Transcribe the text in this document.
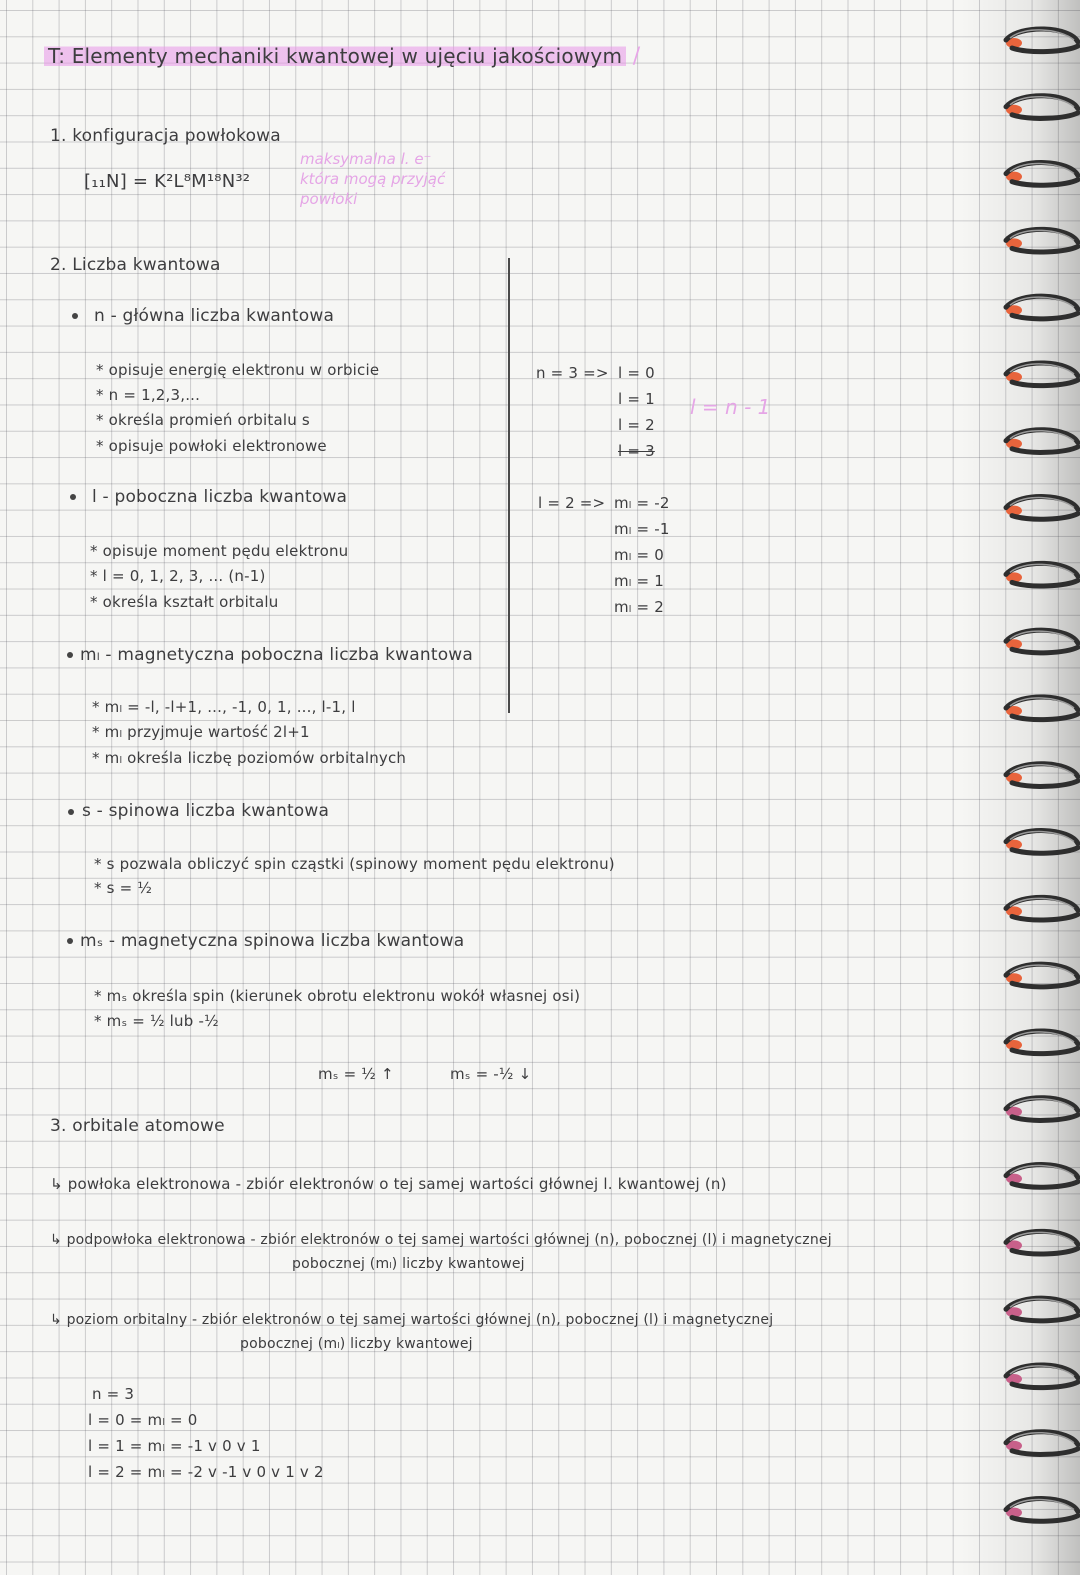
T: Elementy mechaniki kwantowej w ujęciu jakościowym /
1. konfiguracja powłokowa
[₁₁N] = K²L⁸M¹⁸N³²
maksymalna l. e⁻
która mogą przyjąć
powłoki
2. Liczba kwantowa
n - główna liczba kwantowa
* opisuje energię elektronu w orbicie
* n = 1,2,3,...
* określa promień orbitalu s
* opisuje powłoki elektronowe
l - poboczna liczba kwantowa
* opisuje moment pędu elektronu
* l = 0, 1, 2, 3, ... (n-1)
* określa kształt orbitalu
mₗ - magnetyczna poboczna liczba kwantowa
* mₗ = -l, -l+1, ..., -1, 0, 1, ..., l-1, l
* mₗ przyjmuje wartość 2l+1
* mₗ określa liczbę poziomów orbitalnych
s - spinowa liczba kwantowa
* s pozwala obliczyć spin cząstki (spinowy moment pędu elektronu)
* s = ½
mₛ - magnetyczna spinowa liczba kwantowa
* mₛ określa spin (kierunek obrotu elektronu wokół własnej osi)
* mₛ = ½ lub -½
mₛ = ½ ↑	mₛ = -½ ↓
n = 3 => l = 0
l = 1
l = 2
l = 3
l = n - 1
l = 2 => mₗ = -2
mₗ = -1
mₗ = 0
mₗ = 1
mₗ = 2
3. orbitale atomowe
↳ powłoka elektronowa - zbiór elektronów o tej samej wartości głównej l. kwantowej (n)
↳ podpowłoka elektronowa - zbiór elektronów o tej samej wartości głównej (n), pobocznej (l) i magnetycznej
pobocznej (mₗ) liczby kwantowej
↳ poziom orbitalny - zbiór elektronów o tej samej wartości głównej (n), pobocznej (l) i magnetycznej
pobocznej (mₗ) liczby kwantowej
n = 3
l = 0 = mₗ = 0
l = 1 = mₗ = -1 v 0 v 1
l = 2 = mₗ = -2 v -1 v 0 v 1 v 2
